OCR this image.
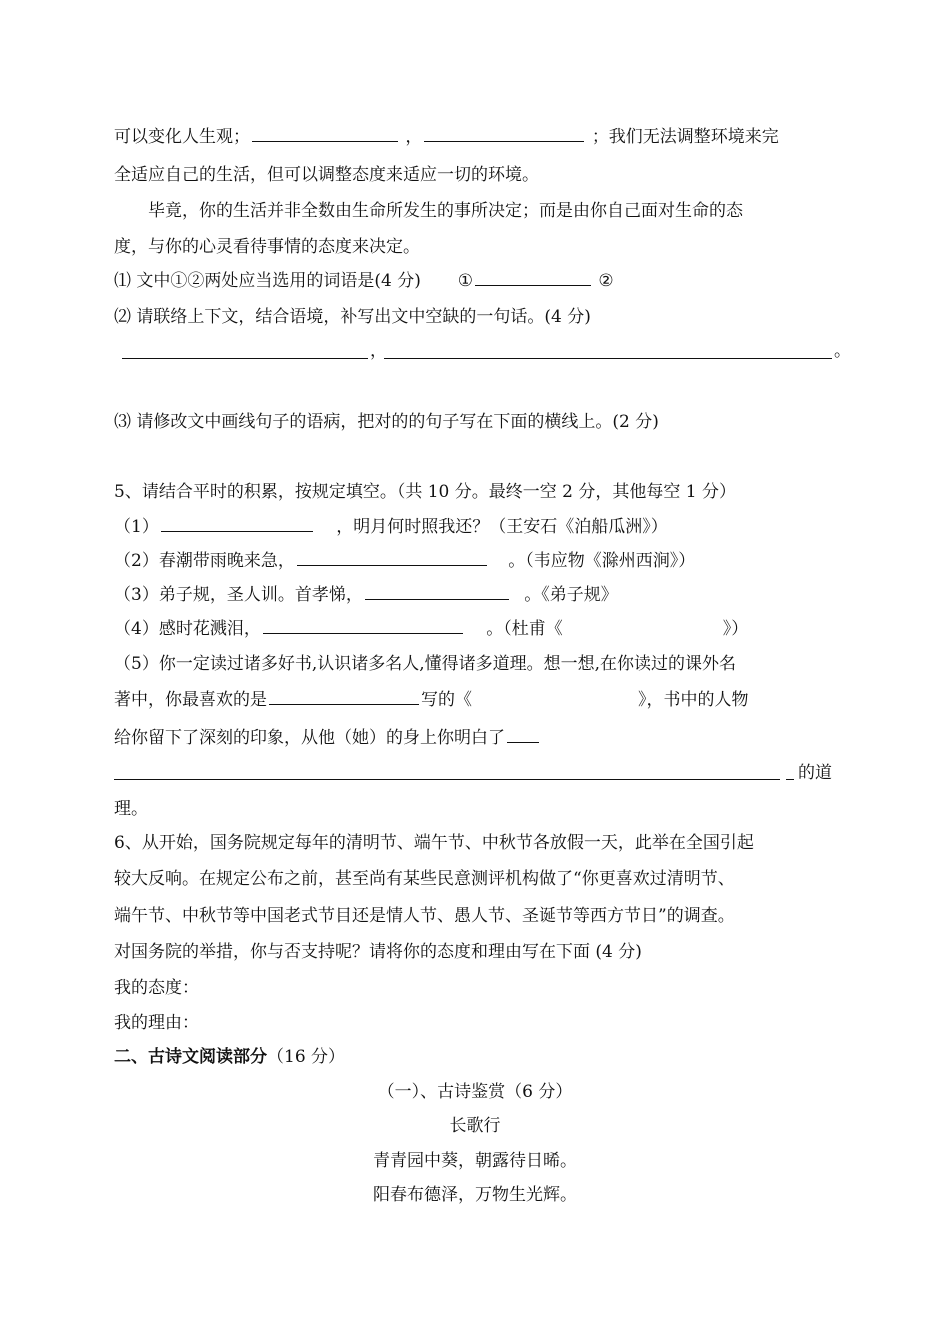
可以变化人生观；	，	；我们无法调整环境来完
全适应自己的生活，但可以调整态度来适应一切的环境。
毕竟，你的生活并非全数由生命所发生的事所决定；而是由你自己面对生命的态
度，与你的心灵看待事情的态度来决定。
⑴ 文中①②两处应当选用的词语是(4 分) ①	②
⑵ 请联络上下文，结合语境，补写出文中空缺的一句话。(4 分)
，	。
⑶ 请修改文中画线句子的语病，把对的的句子写在下面的横线上。(2 分)
5、请结合平时的积累，按规定填空。（共 10 分。最终一空 2 分，其他每空 1 分）
（1）	，明月何时照我还？（王安石《泊船瓜洲》）
（2）春潮带雨晚来急，	。（韦应物《滁州西涧》）
（3）弟子规，圣人训。首孝悌，	。《弟子规》
（4）感时花溅泪，	。（杜甫《	》）
（5）你一定读过诸多好书,认识诸多名人,懂得诸多道理。想一想,在你读过的课外名
著中，你最喜欢的是	写的《	》，书中的人物
给你留下了深刻的印象，从他（她）的身上你明白了
的道
理。
6、从开始，国务院规定每年的清明节、端午节、中秋节各放假一天，此举在全国引起
较大反响。在规定公布之前，甚至尚有某些民意测评机构做了“你更喜欢过清明节、
端午节、中秋节等中国老式节目还是情人节、愚人节、圣诞节等西方节日”的调查。
对国务院的举措，你与否支持呢？请将你的态度和理由写在下面 (4 分)
我的态度：
我的理由：
二、古诗文阅读部分（16 分）
（一）、古诗鉴赏（6 分）
长歌行
青青园中葵，朝露待日晞。
阳春布德泽，万物生光辉。
